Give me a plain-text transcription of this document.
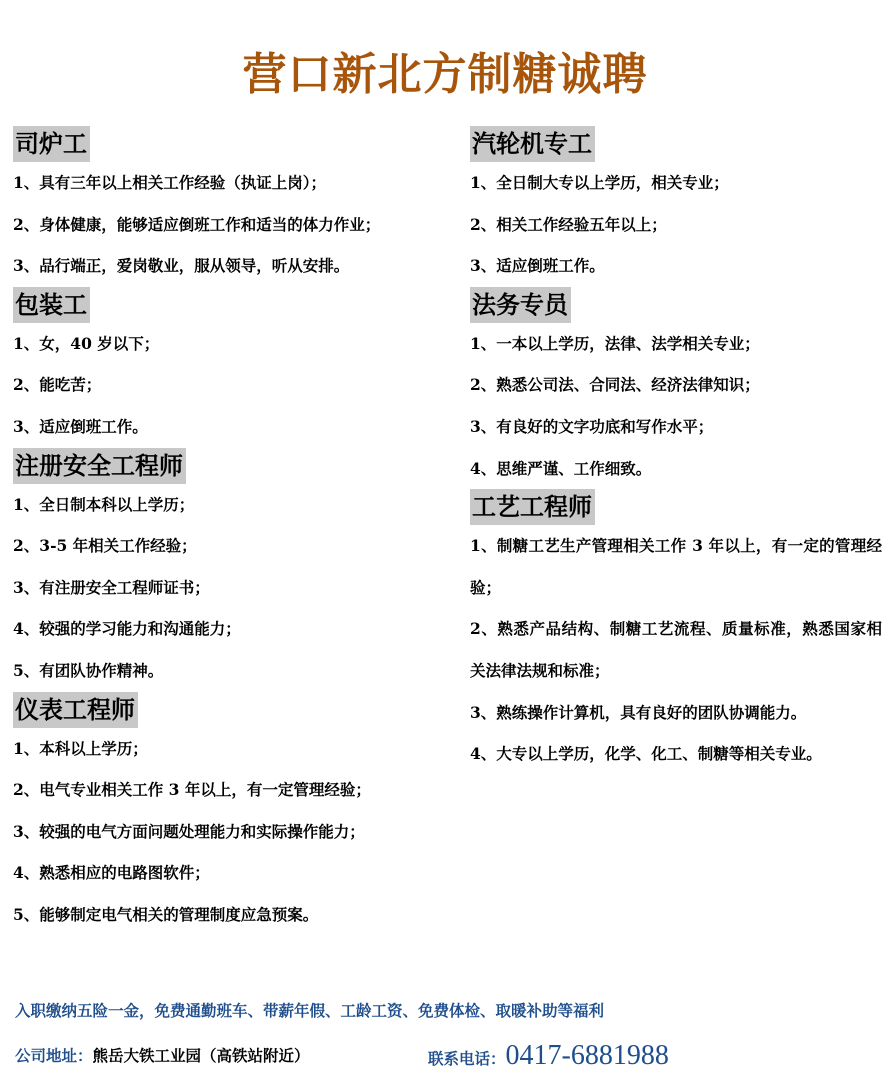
营口新北方制糖诚聘
司炉工
1、具有三年以上相关工作经验（执证上岗）；
2、身体健康，能够适应倒班工作和适当的体力作业；
3、品行端正，爱岗敬业，服从领导，听从安排。
包装工
1、女，40 岁以下；
2、能吃苦；
3、适应倒班工作。
注册安全工程师
1、全日制本科以上学历；
2、3-5 年相关工作经验；
3、有注册安全工程师证书；
4、较强的学习能力和沟通能力；
5、有团队协作精神。
仪表工程师
1、本科以上学历；
2、电气专业相关工作 3 年以上，有一定管理经验；
3、较强的电气方面问题处理能力和实际操作能力；
4、熟悉相应的电路图软件；
5、能够制定电气相关的管理制度应急预案。
汽轮机专工
1、全日制大专以上学历，相关专业；
2、相关工作经验五年以上；
3、适应倒班工作。
法务专员
1、一本以上学历，法律、法学相关专业；
2、熟悉公司法、合同法、经济法律知识；
3、有良好的文字功底和写作水平；
4、思维严谨、工作细致。
工艺工程师
1、制糖工艺生产管理相关工作 3 年以上，有一定的管理经验；
2、熟悉产品结构、制糖工艺流程、质量标准，熟悉国家相关法律法规和标准；
3、熟练操作计算机，具有良好的团队协调能力。
4、大专以上学历，化学、化工、制糖等相关专业。
入职缴纳五险一金，免费通勤班车、带薪年假、工龄工资、免费体检、取暖补助等福利
公司地址：熊岳大铁工业园（高铁站附近）	联系电话：0417-6881988
